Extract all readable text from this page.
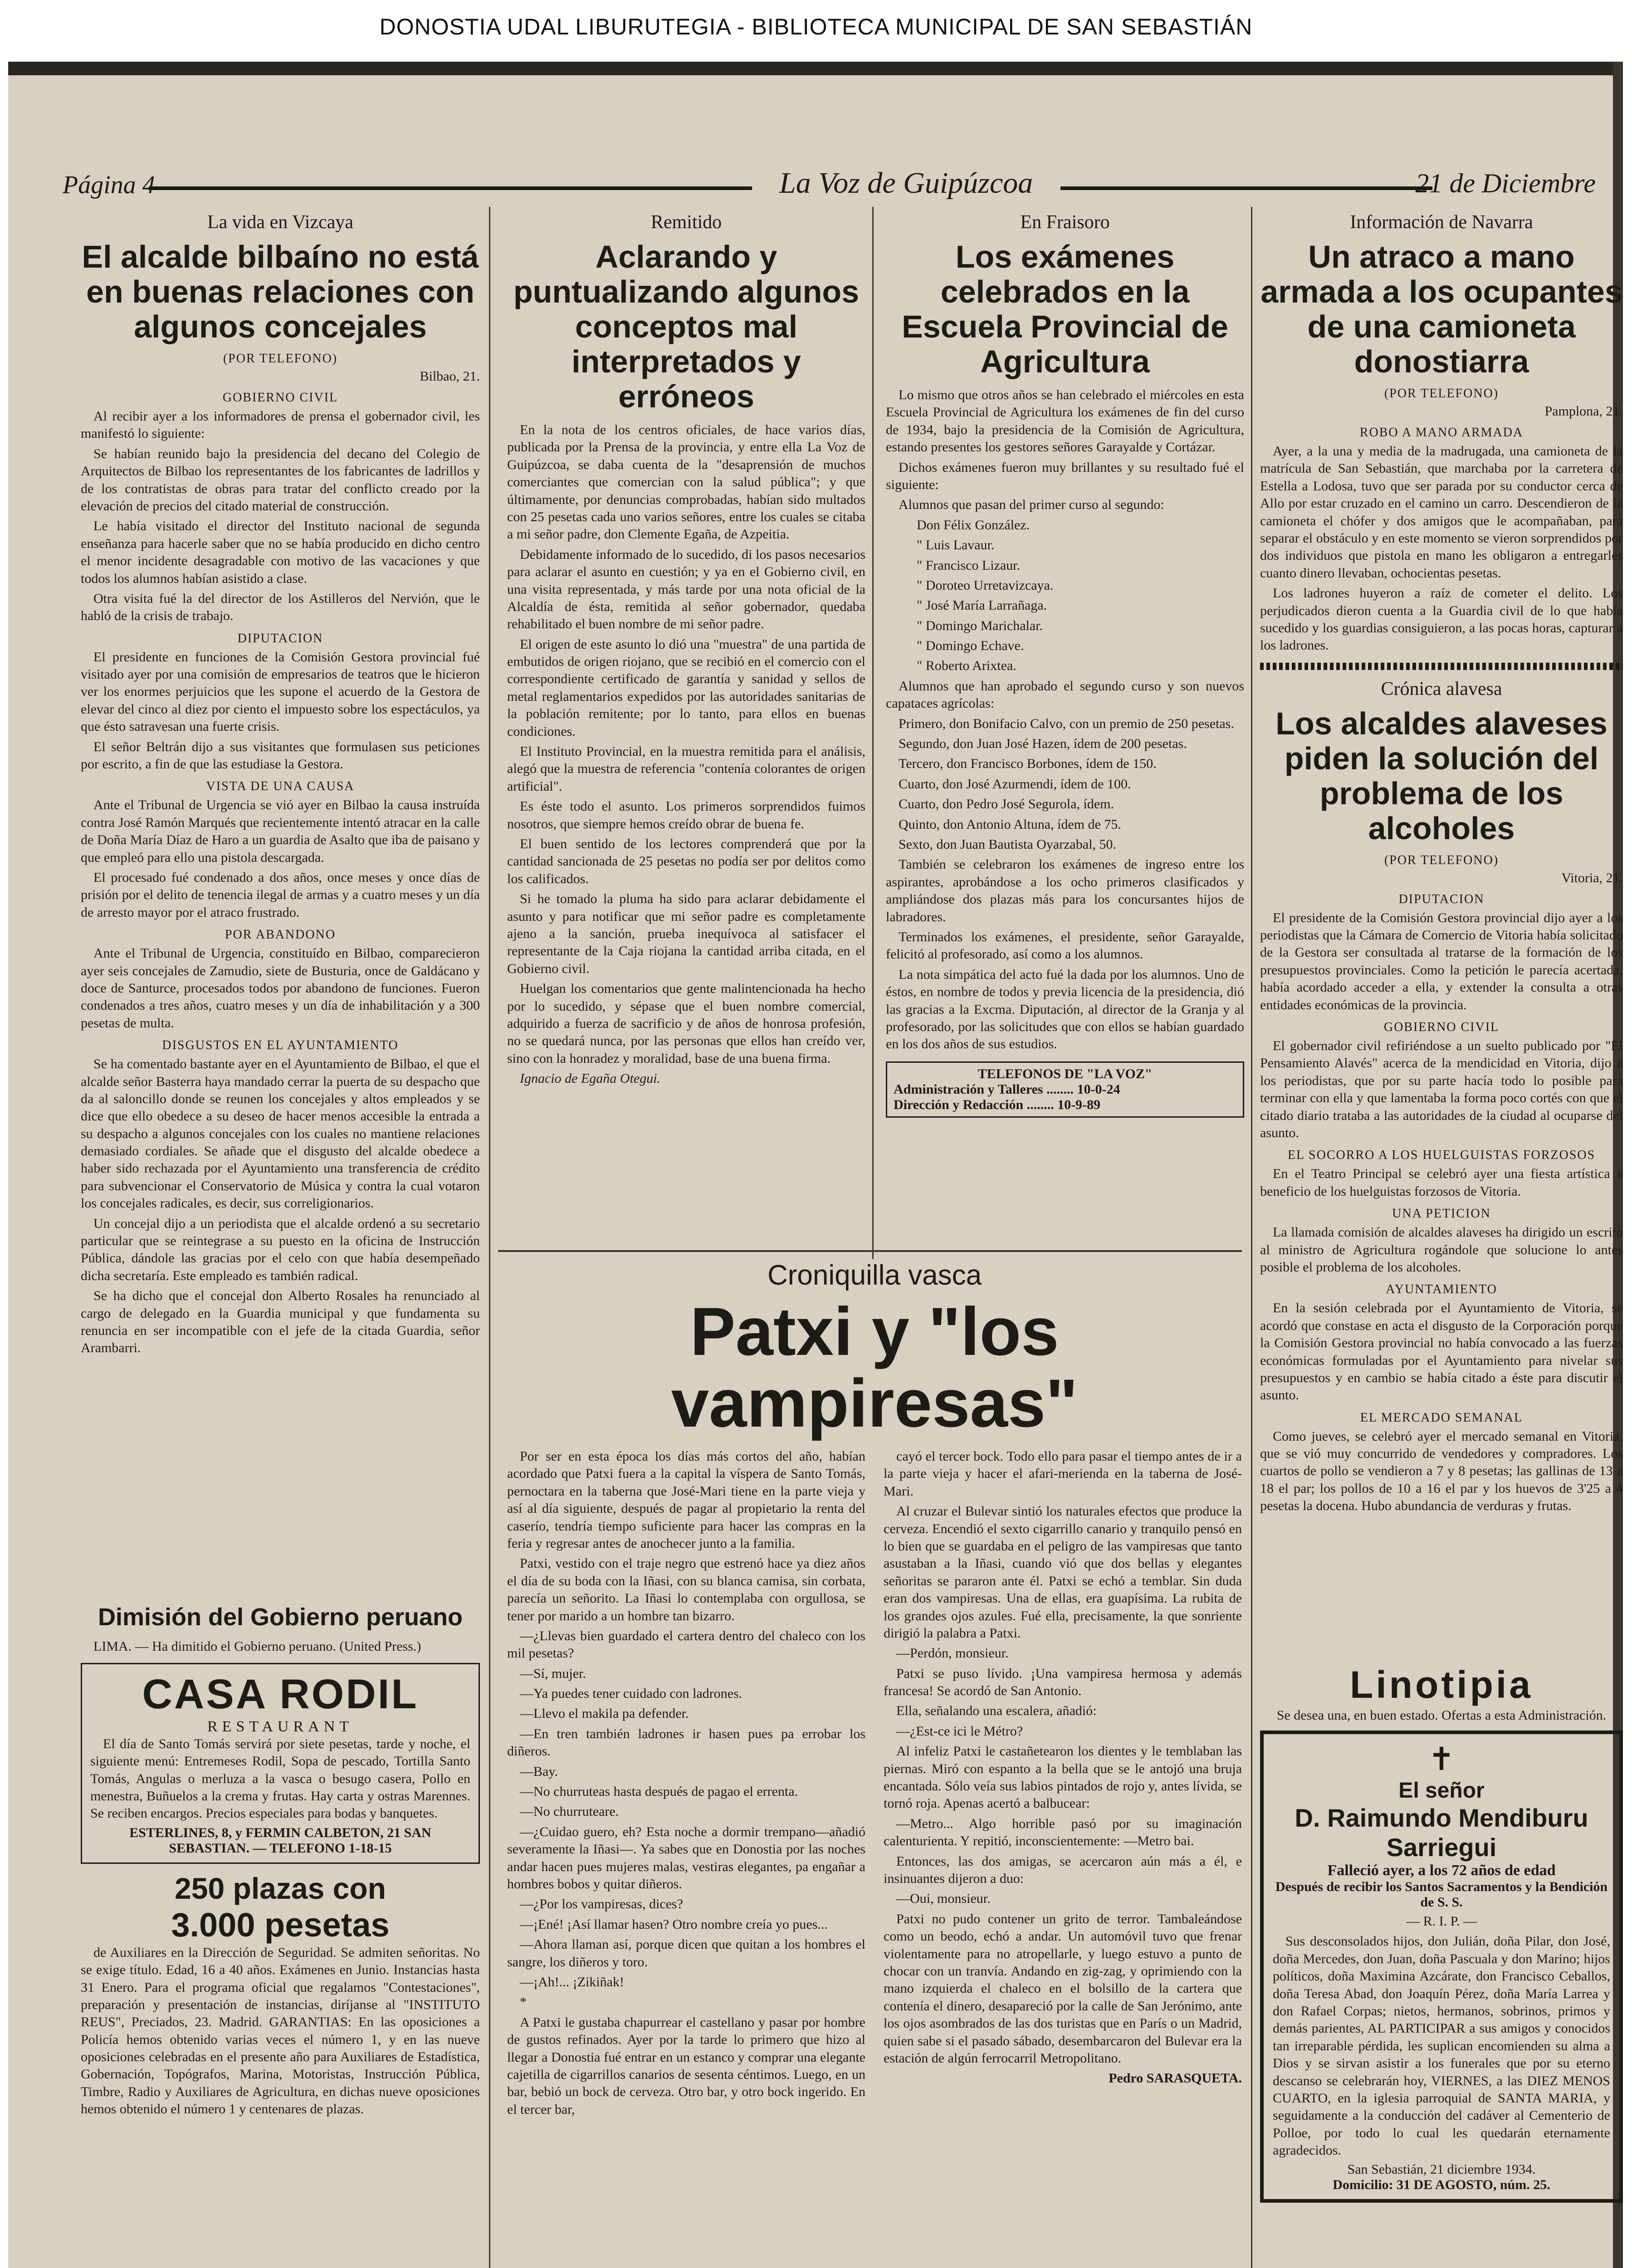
DONOSTIA UDAL LIBURUTEGIA - BIBLIOTECA MUNICIPAL DE SAN SEBASTIÁN
Página 4	La Voz de Guipúzcoa	21 de Diciembre
La vida en Vizcaya
El alcalde bilbaíno no está en buenas relaciones con algunos concejales
(POR TELEFONO)
Bilbao, 21.
GOBIERNO CIVIL
Al recibir ayer a los informadores de prensa el gobernador civil, les manifestó lo siguiente:
Se habían reunido bajo la presidencia del decano del Colegio de Arquitectos de Bilbao los representantes de los fabricantes de ladrillos y de los contratistas de obras para tratar del conflicto creado por la elevación de precios del citado material de construcción.
Le había visitado el director del Instituto nacional de segunda enseñanza para hacerle saber que no se había producido en dicho centro el menor incidente desagradable con motivo de las vacaciones y que todos los alumnos habían asistido a clase.
Otra visita fué la del director de los Astilleros del Nervión, que le habló de la crisis de trabajo.
DIPUTACION
El presidente en funciones de la Comisión Gestora provincial fué visitado ayer por una comisión de empresarios de teatros que le hicieron ver los enormes perjuicios que les supone el acuerdo de la Gestora de elevar del cinco al diez por ciento el impuesto sobre los espectáculos, ya que ésto satravesan una fuerte crisis.
El señor Beltrán dijo a sus visitantes que formulasen sus peticiones por escrito, a fin de que las estudiase la Gestora.
VISTA DE UNA CAUSA
Ante el Tribunal de Urgencia se vió ayer en Bilbao la causa instruída contra José Ramón Marqués que recientemente intentó atracar en la calle de Doña María Díaz de Haro a un guardia de Asalto que iba de paisano y que empleó para ello una pistola descargada.
El procesado fué condenado a dos años, once meses y once días de prisión por el delito de tenencia ilegal de armas y a cuatro meses y un día de arresto mayor por el atraco frustrado.
POR ABANDONO
Ante el Tribunal de Urgencia, constituído en Bilbao, comparecieron ayer seis concejales de Zamudio, siete de Busturia, once de Galdácano y doce de Santurce, procesados todos por abandono de funciones. Fueron condenados a tres años, cuatro meses y un día de inhabilitación y a 300 pesetas de multa.
DISGUSTOS EN EL AYUNTAMIENTO
Se ha comentado bastante ayer en el Ayuntamiento de Bilbao, el que el alcalde señor Basterra haya mandado cerrar la puerta de su despacho que da al saloncillo donde se reunen los concejales y altos empleados y se dice que ello obedece a su deseo de hacer menos accesible la entrada a su despacho a algunos concejales con los cuales no mantiene relaciones demasiado cordiales. Se añade que el disgusto del alcalde obedece a haber sido rechazada por el Ayuntamiento una transferencia de crédito para subvencionar el Conservatorio de Música y contra la cual votaron los concejales radicales, es decir, sus correligionarios.
Un concejal dijo a un periodista que el alcalde ordenó a su secretario particular que se reintegrase a su puesto en la oficina de Instrucción Pública, dándole las gracias por el celo con que había desempeñado dicha secretaría. Este empleado es también radical.
Se ha dicho que el concejal don Alberto Rosales ha renunciado al cargo de delegado en la Guardia municipal y que fundamenta su renuncia en ser incompatible con el jefe de la citada Guardia, señor Arambarri.
Dimisión del Gobierno peruano
LIMA. — Ha dimitido el Gobierno peruano. (United Press.)
CASA RODIL
RESTAURANT
El día de Santo Tomás servirá por siete pesetas, tarde y noche, el siguiente menú: Entremeses Rodil, Sopa de pescado, Tortilla Santo Tomás, Angulas o merluza a la vasca o besugo casera, Pollo en menestra, Buñuelos a la crema y frutas. Hay carta y ostras Marennes. Se reciben encargos. Precios especiales para bodas y banquetes.
ESTERLINES, 8, y FERMIN CALBETON, 21 SAN SEBASTIAN. — TELEFONO 1-18-15
250 plazas con
3.000 pesetas
de Auxiliares en la Dirección de Seguridad. Se admiten señoritas. No se exige título. Edad, 16 a 40 años. Exámenes en Junio. Instancias hasta 31 Enero. Para el programa oficial que regalamos "Contestaciones", preparación y presentación de instancias, diríjanse al "INSTITUTO REUS", Preciados, 23. Madrid. GARANTIAS: En las oposiciones a Policía hemos obtenido varias veces el número 1, y en las nueve oposiciones celebradas en el presente año para Auxiliares de Estadística, Gobernación, Topógrafos, Marina, Motoristas, Instrucción Pública, Timbre, Radio y Auxiliares de Agricultura, en dichas nueve oposiciones hemos obtenido el número 1 y centenares de plazas.
Remitido
Aclarando y puntualizando algunos conceptos mal interpretados y erróneos
En la nota de los centros oficiales, de hace varios días, publicada por la Prensa de la provincia, y entre ella La Voz de Guipúzcoa, se daba cuenta de la "desaprensión de muchos comerciantes que comercian con la salud pública"; y que últimamente, por denuncias comprobadas, habían sido multados con 25 pesetas cada uno varios señores, entre los cuales se citaba a mi señor padre, don Clemente Egaña, de Azpeitia.
Debidamente informado de lo sucedido, di los pasos necesarios para aclarar el asunto en cuestión; y ya en el Gobierno civil, en una visita representada, y más tarde por una nota oficial de la Alcaldía de ésta, remitida al señor gobernador, quedaba rehabilitado el buen nombre de mi señor padre.
El origen de este asunto lo dió una "muestra" de una partida de embutidos de origen riojano, que se recibió en el comercio con el correspondiente certificado de garantía y sanidad y sellos de metal reglamentarios expedidos por las autoridades sanitarias de la población remitente; por lo tanto, para ellos en buenas condiciones.
El Instituto Provincial, en la muestra remitida para el análisis, alegó que la muestra de referencia "contenía colorantes de origen artificial".
Es éste todo el asunto. Los primeros sorprendidos fuimos nosotros, que siempre hemos creído obrar de buena fe.
El buen sentido de los lectores comprenderá que por la cantidad sancionada de 25 pesetas no podía ser por delitos como los calificados.
Si he tomado la pluma ha sido para aclarar debidamente el asunto y para notificar que mi señor padre es completamente ajeno a la sanción, prueba inequívoca al satisfacer el representante de la Caja riojana la cantidad arriba citada, en el Gobierno civil.
Huelgan los comentarios que gente malintencionada ha hecho por lo sucedido, y sépase que el buen nombre comercial, adquirido a fuerza de sacrificio y de años de honrosa profesión, no se quedará nunca, por las personas que ellos han creído ver, sino con la honradez y moralidad, base de una buena firma.
Ignacio de Egaña Otegui.
En Fraisoro
Los exámenes celebrados en la Escuela Provincial de Agricultura
Lo mismo que otros años se han celebrado el miércoles en esta Escuela Provincial de Agricultura los exámenes de fin del curso de 1934, bajo la presidencia de la Comisión de Agricultura, estando presentes los gestores señores Garayalde y Cortázar.
Dichos exámenes fueron muy brillantes y su resultado fué el siguiente:
Alumnos que pasan del primer curso al segundo:
Don Félix González.
" Luis Lavaur.
" Francisco Lizaur.
" Doroteo Urretavizcaya.
" José María Larrañaga.
" Domingo Marichalar.
" Domingo Echave.
" Roberto Arixtea.
Alumnos que han aprobado el segundo curso y son nuevos capataces agrícolas:
Primero, don Bonifacio Calvo, con un premio de 250 pesetas.
Segundo, don Juan José Hazen, ídem de 200 pesetas.
Tercero, don Francisco Borbones, ídem de 150.
Cuarto, don José Azurmendi, ídem de 100.
Cuarto, don Pedro José Segurola, ídem.
Quinto, don Antonio Altuna, ídem de 75.
Sexto, don Juan Bautista Oyarzabal, 50.
También se celebraron los exámenes de ingreso entre los aspirantes, aprobándose a los ocho primeros clasificados y ampliándose dos plazas más para los concursantes hijos de labradores.
Terminados los exámenes, el presidente, señor Garayalde, felicitó al profesorado, así como a los alumnos.
La nota simpática del acto fué la dada por los alumnos. Uno de éstos, en nombre de todos y previa licencia de la presidencia, dió las gracias a la Excma. Diputación, al director de la Granja y al profesorado, por las solicitudes que con ellos se habían guardado en los dos años de sus estudios.
TELEFONOS DE "LA VOZ"
Administración y Talleres ........ 10-0-24
Dirección y Redacción ........ 10-9-89
Información de Navarra
Un atraco a mano armada a los ocupantes de una camioneta donostiarra
(POR TELEFONO)
Pamplona, 21.
ROBO A MANO ARMADA
Ayer, a la una y media de la madrugada, una camioneta de la matrícula de San Sebastián, que marchaba por la carretera de Estella a Lodosa, tuvo que ser parada por su conductor cerca de Allo por estar cruzado en el camino un carro. Descendieron de la camioneta el chófer y dos amigos que le acompañaban, para separar el obstáculo y en este momento se vieron sorprendidos por dos individuos que pistola en mano les obligaron a entregarles cuanto dinero llevaban, ochocientas pesetas.
Los ladrones huyeron a raíz de cometer el delito. Los perjudicados dieron cuenta a la Guardia civil de lo que había sucedido y los guardias consiguieron, a las pocas horas, capturar a los ladrones.
Crónica alavesa
Los alcaldes alaveses piden la solución del problema de los alcoholes
(POR TELEFONO)
Vitoria, 21.
DIPUTACION
El presidente de la Comisión Gestora provincial dijo ayer a los periodistas que la Cámara de Comercio de Vitoria había solicitado de la Gestora ser consultada al tratarse de la formación de los presupuestos provinciales. Como la petición le parecía acertada, había acordado acceder a ella, y extender la consulta a otras entidades económicas de la provincia.
GOBIERNO CIVIL
El gobernador civil refiriéndose a un suelto publicado por "El Pensamiento Alavés" acerca de la mendicidad en Vitoria, dijo a los periodistas, que por su parte hacía todo lo posible para terminar con ella y que lamentaba la forma poco cortés con que el citado diario trataba a las autoridades de la ciudad al ocuparse del asunto.
EL SOCORRO A LOS HUELGUISTAS FORZOSOS
En el Teatro Principal se celebró ayer una fiesta artística a beneficio de los huelguistas forzosos de Vitoria.
UNA PETICION
La llamada comisión de alcaldes alaveses ha dirigido un escrito al ministro de Agricultura rogándole que solucione lo antes posible el problema de los alcoholes.
AYUNTAMIENTO
En la sesión celebrada por el Ayuntamiento de Vitoria, se acordó que constase en acta el disgusto de la Corporación porque la Comisión Gestora provincial no había convocado a las fuerzas económicas formuladas por el Ayuntamiento para nivelar sus presupuestos y en cambio se había citado a éste para discutir el asunto.
EL MERCADO SEMANAL
Como jueves, se celebró ayer el mercado semanal en Vitoria, que se vió muy concurrido de vendedores y compradores. Los cuartos de pollo se vendieron a 7 y 8 pesetas; las gallinas de 13 a 18 el par; los pollos de 10 a 16 el par y los huevos de 3'25 a 4 pesetas la docena. Hubo abundancia de verduras y frutas.
Linotipia
Se desea una, en buen estado. Ofertas a esta Administración.
✝
El señor
D. Raimundo Mendiburu Sarriegui
Falleció ayer, a los 72 años de edad
Después de recibir los Santos Sacramentos y la Bendición de S. S.
— R. I. P. —
Sus desconsolados hijos, don Julián, doña Pilar, don José, doña Mercedes, don Juan, doña Pascuala y don Marino; hijos políticos, doña Maximina Azcárate, don Francisco Ceballos, doña Teresa Abad, don Joaquín Pérez, doña María Larrea y don Rafael Corpas; nietos, hermanos, sobrinos, primos y demás parientes, AL PARTICIPAR a sus amigos y conocidos tan irreparable pérdida, les suplican encomienden su alma a Dios y se sirvan asistir a los funerales que por su eterno descanso se celebrarán hoy, VIERNES, a las DIEZ MENOS CUARTO, en la iglesia parroquial de SANTA MARIA, y seguidamente a la conducción del cadáver al Cementerio de Polloe, por todo lo cual les quedarán eternamente agradecidos.
San Sebastián, 21 diciembre 1934.
Domicilio: 31 DE AGOSTO, núm. 25.
Croniquilla vasca
Patxi y "los vampiresas"
Por ser en esta época los días más cortos del año, habían acordado que Patxi fuera a la capital la víspera de Santo Tomás, pernoctara en la taberna que José-Mari tiene en la parte vieja y así al día siguiente, después de pagar al propietario la renta del caserío, tendría tiempo suficiente para hacer las compras en la feria y regresar antes de anochecer junto a la familia.
Patxi, vestido con el traje negro que estrenó hace ya diez años el día de su boda con la Iñasi, con su blanca camisa, sin corbata, parecía un señorito. La Iñasi lo contemplaba con orgullosa, se tener por marido a un hombre tan bizarro.
—¿Llevas bien guardado el cartera dentro del chaleco con los mil pesetas?
—Sí, mujer.
—Ya puedes tener cuidado con ladrones.
—Llevo el makila pa defender.
—En tren también ladrones ir hasen pues pa errobar los diñeros.
—Bay.
—No churruteas hasta después de pagao el errenta.
—No churruteare.
—¿Cuidao guero, eh? Esta noche a dormir trempano—añadió severamente la Iñasi—. Ya sabes que en Donostia por las noches andar hacen pues mujeres malas, vestiras elegantes, pa engañar a hombres bobos y quitar diñeros.
—¿Por los vampiresas, dices?
—¡Ené! ¡Así llamar hasen? Otro nombre creía yo pues...
—Ahora llaman así, porque dicen que quitan a los hombres el sangre, los diñeros y toro.
—¡Ah!... ¡Zikiñak!
*
A Patxi le gustaba chapurrear el castellano y pasar por hombre de gustos refinados. Ayer por la tarde lo primero que hizo al llegar a Donostia fué entrar en un estanco y comprar una elegante cajetilla de cigarrillos canarios de sesenta céntimos. Luego, en un bar, bebió un bock de cerveza. Otro bar, y otro bock ingerido. En el tercer bar,
cayó el tercer bock. Todo ello para pasar el tiempo antes de ir a la parte vieja y hacer el afari-merienda en la taberna de José-Mari.
Al cruzar el Bulevar sintió los naturales efectos que produce la cerveza. Encendió el sexto cigarrillo canario y tranquilo pensó en lo bien que se guardaba en el peligro de las vampiresas que tanto asustaban a la Iñasi, cuando vió que dos bellas y elegantes señoritas se pararon ante él. Patxi se echó a temblar. Sin duda eran dos vampiresas. Una de ellas, era guapísima. La rubita de los grandes ojos azules. Fué ella, precisamente, la que sonriente dirigió la palabra a Patxi.
—Perdón, monsieur.
Patxi se puso lívido. ¡Una vampiresa hermosa y además francesa! Se acordó de San Antonio.
Ella, señalando una escalera, añadió:
—¿Est-ce ici le Métro?
Al infeliz Patxi le castañetearon los dientes y le temblaban las piernas. Miró con espanto a la bella que se le antojó una bruja encantada. Sólo veía sus labios pintados de rojo y, antes lívida, se tornó roja. Apenas acertó a balbucear:
—Metro... Algo horrible pasó por su imaginación calenturienta. Y repitió, inconscientemente: —Metro bai.
Entonces, las dos amigas, se acercaron aún más a él, e insinuantes dijeron a duo:
—Oui, monsieur.
Patxi no pudo contener un grito de terror. Tambaleándose como un beodo, echó a andar. Un automóvil tuvo que frenar violentamente para no atropellarle, y luego estuvo a punto de chocar con un tranvía. Andando en zig-zag, y oprimiendo con la mano izquierda el chaleco en el bolsillo de la cartera que contenía el dinero, desapareció por la calle de San Jerónimo, ante los ojos asombrados de las dos turistas que en París o un Madrid, quien sabe si el pasado sábado, desembarcaron del Bulevar era la estación de algún ferrocarril Metropolitano.
Pedro SARASQUETA.
